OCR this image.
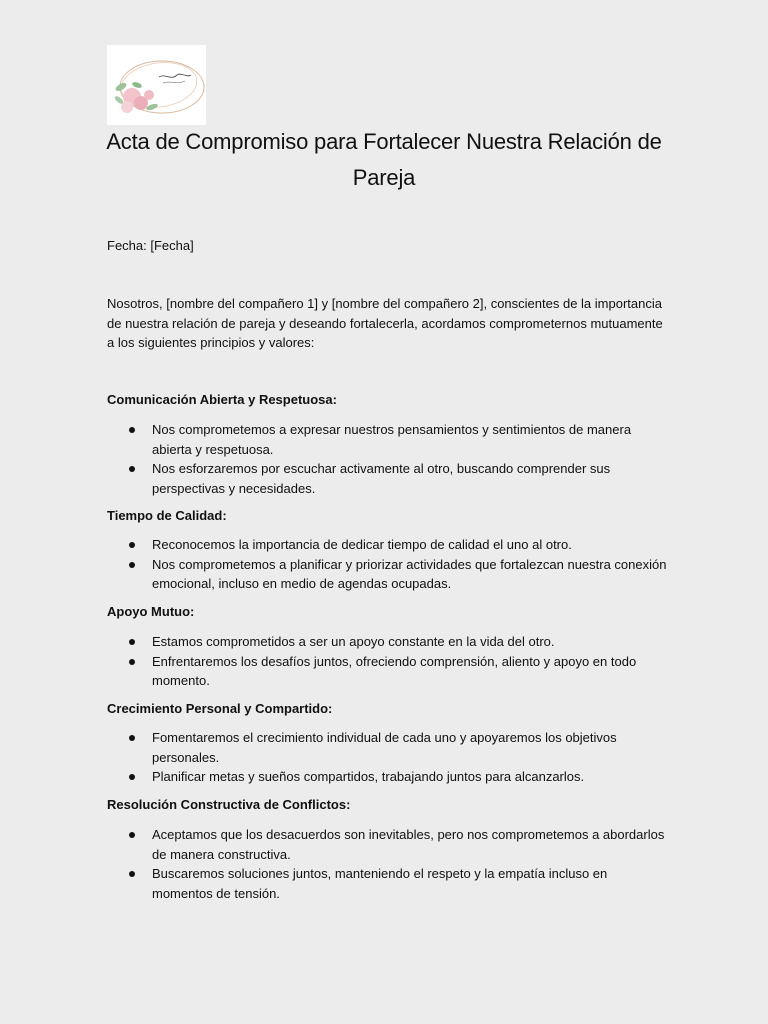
Acta de Compromiso para Fortalecer Nuestra Relación de Pareja
Fecha: [Fecha]
Nosotros, [nombre del compañero 1] y [nombre del compañero 2], conscientes de la importancia de nuestra relación de pareja y deseando fortalecerla, acordamos comprometernos mutuamente a los siguientes principios y valores:
Comunicación Abierta y Respetuosa:
Nos comprometemos a expresar nuestros pensamientos y sentimientos de manera abierta y respetuosa.
Nos esforzaremos por escuchar activamente al otro, buscando comprender sus perspectivas y necesidades.
Tiempo de Calidad:
Reconocemos la importancia de dedicar tiempo de calidad el uno al otro.
Nos comprometemos a planificar y priorizar actividades que fortalezcan nuestra conexión emocional, incluso en medio de agendas ocupadas.
Apoyo Mutuo:
Estamos comprometidos a ser un apoyo constante en la vida del otro.
Enfrentaremos los desafíos juntos, ofreciendo comprensión, aliento y apoyo en todo momento.
Crecimiento Personal y Compartido:
Fomentaremos el crecimiento individual de cada uno y apoyaremos los objetivos personales.
Planificar metas y sueños compartidos, trabajando juntos para alcanzarlos.
Resolución Constructiva de Conflictos:
Aceptamos que los desacuerdos son inevitables, pero nos comprometemos a abordarlos de manera constructiva.
Buscaremos soluciones juntos, manteniendo el respeto y la empatía incluso en momentos de tensión.
